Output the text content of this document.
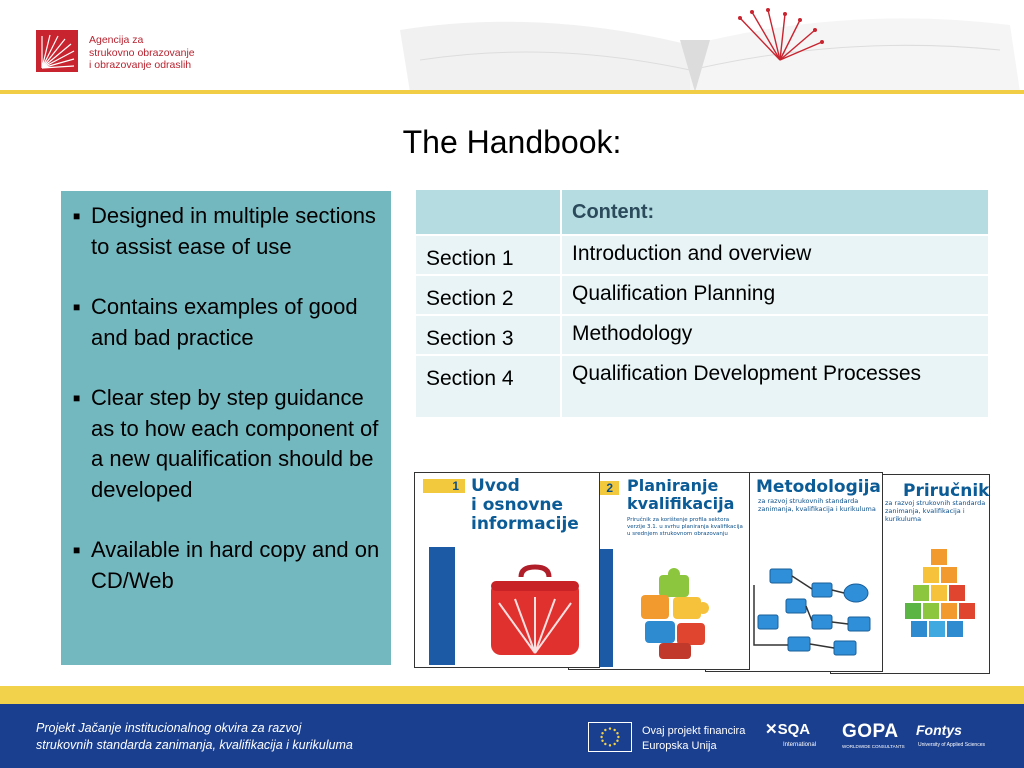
Agencija za
strukovno obrazovanje
i obrazovanje odraslih
The Handbook:
■ Designed in multiple sections to assist ease of use
■ Contains examples of good and bad practice
■ Clear step by step guidance as to how each component of a new qualification should be developed
■ Available in hard copy and on CD/Web
	Content:
Section 1	Introduction and overview
Section 2	Qualification Planning
Section 3	Methodology
Section 4	Qualification Development Processes
Priručnik
za razvoj strukovnih standarda
zanimanja, kvalifikacija i kurikuluma
Metodologija
za razvoj strukovnih standarda
zanimanja, kvalifikacija i kurikuluma
2 Planiranje
kvalifikacija
Priručnik za korištenje profila sektora
verzije 3.1. u svrhu planiranja kvalifikacija
u srednjem strukovnom obrazovanju
1 Uvod
i osnovne
informacije
Projekt Jačanje institucionalnog okvira za razvoj
strukovnih standarda zanimanja, kvalifikacija i kurikuluma
Ovaj projekt financira
Europska Unija
✕SQA
International
GOPA
WORLDWIDE CONSULTANTS
Fontys
University of Applied Sciences
